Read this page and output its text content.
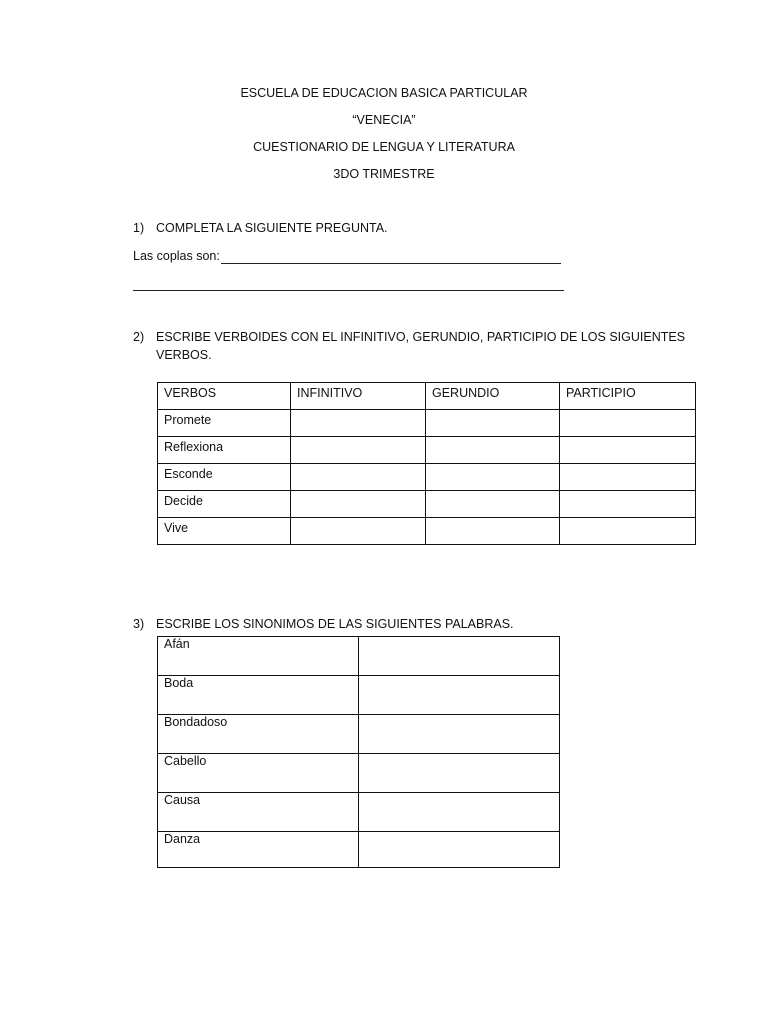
ESCUELA DE EDUCACION BASICA PARTICULAR
“VENECIA”
CUESTIONARIO DE LENGUA Y LITERATURA
3DO TRIMESTRE
1) COMPLETA LA SIGUIENTE PREGUNTA.
Las coplas son:
2) ESCRIBE VERBOIDES CON EL INFINITIVO, GERUNDIO, PARTICIPIO DE LOS SIGUIENTES
VERBOS.
VERBOS	INFINITIVO	GERUNDIO	PARTICIPIO
Promete			
Reflexiona			
Esconde			
Decide			
Vive			
3) ESCRIBE LOS SINONIMOS DE LAS SIGUIENTES PALABRAS.
Afán	
Boda	
Bondadoso	
Cabello	
Causa	
Danza	
